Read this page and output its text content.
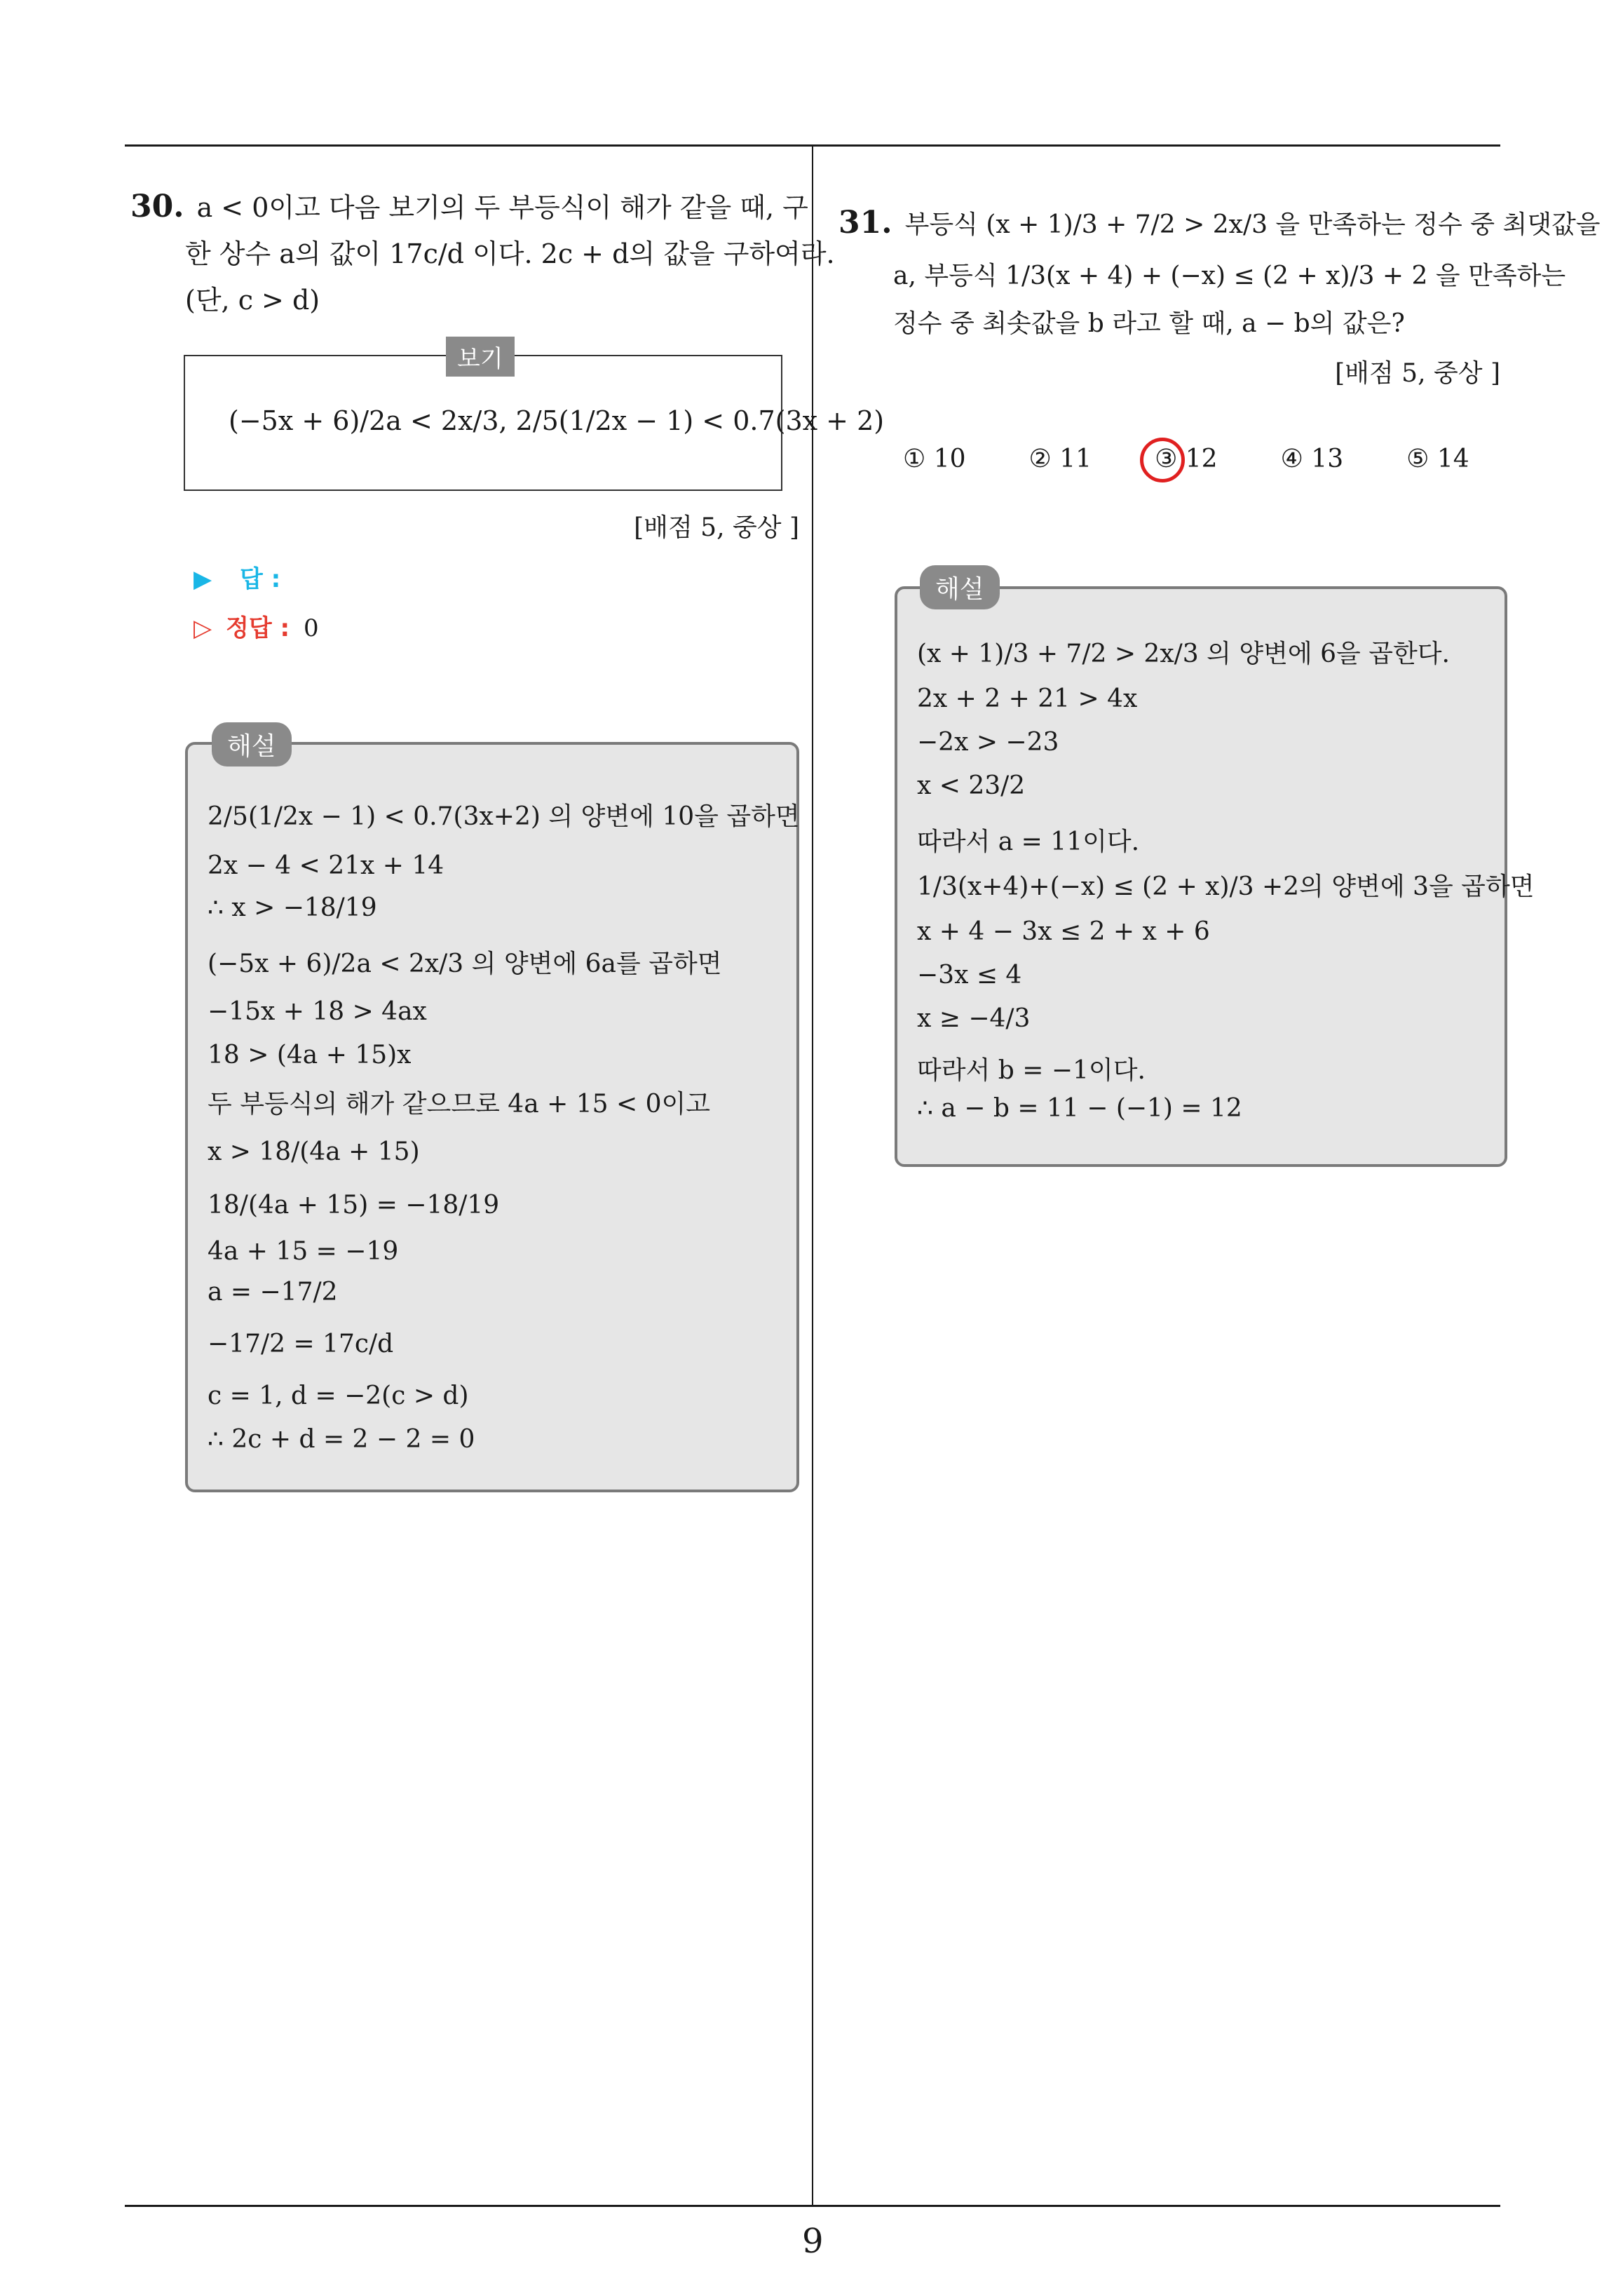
30. a < 0이고 다음 보기의 두 부등식이 해가 같을 때, 구
한 상수 a의 값이 17c/d 이다. 2c + d의 값을 구하여라.
(단, c > d)
보기
(−5x + 6)/2a < 2x/3, 2/5(1/2x − 1) < 0.7(3x + 2)
[배점 5, 중상 ]
▶ 답 :
▷ 정답 : 0
해설
2/5(1/2x − 1) < 0.7(3x+2) 의 양변에 10을 곱하면
2x − 4 < 21x + 14
∴ x > −18/19
(−5x + 6)/2a < 2x/3 의 양변에 6a를 곱하면
−15x + 18 > 4ax
18 > (4a + 15)x
두 부등식의 해가 같으므로 4a + 15 < 0이고
x > 18/(4a + 15)
18/(4a + 15) = −18/19
4a + 15 = −19
a = −17/2
−17/2 = 17c/d
c = 1, d = −2(c > d)
∴ 2c + d = 2 − 2 = 0
31. 부등식 (x + 1)/3 + 7/2 > 2x/3 을 만족하는 정수 중 최댓값을
a, 부등식 1/3(x + 4) + (−x) ≤ (2 + x)/3 + 2 을 만족하는
정수 중 최솟값을 b 라고 할 때, a − b의 값은?
[배점 5, 중상 ]
① 10	② 11	③ 12	④ 13	⑤ 14
해설
(x + 1)/3 + 7/2 > 2x/3 의 양변에 6을 곱한다.
2x + 2 + 21 > 4x
−2x > −23
x < 23/2
따라서 a = 11이다.
1/3(x+4)+(−x) ≤ (2 + x)/3 +2의 양변에 3을 곱하면
x + 4 − 3x ≤ 2 + x + 6
−3x ≤ 4
x ≥ −4/3
따라서 b = −1이다.
∴ a − b = 11 − (−1) = 12
9
